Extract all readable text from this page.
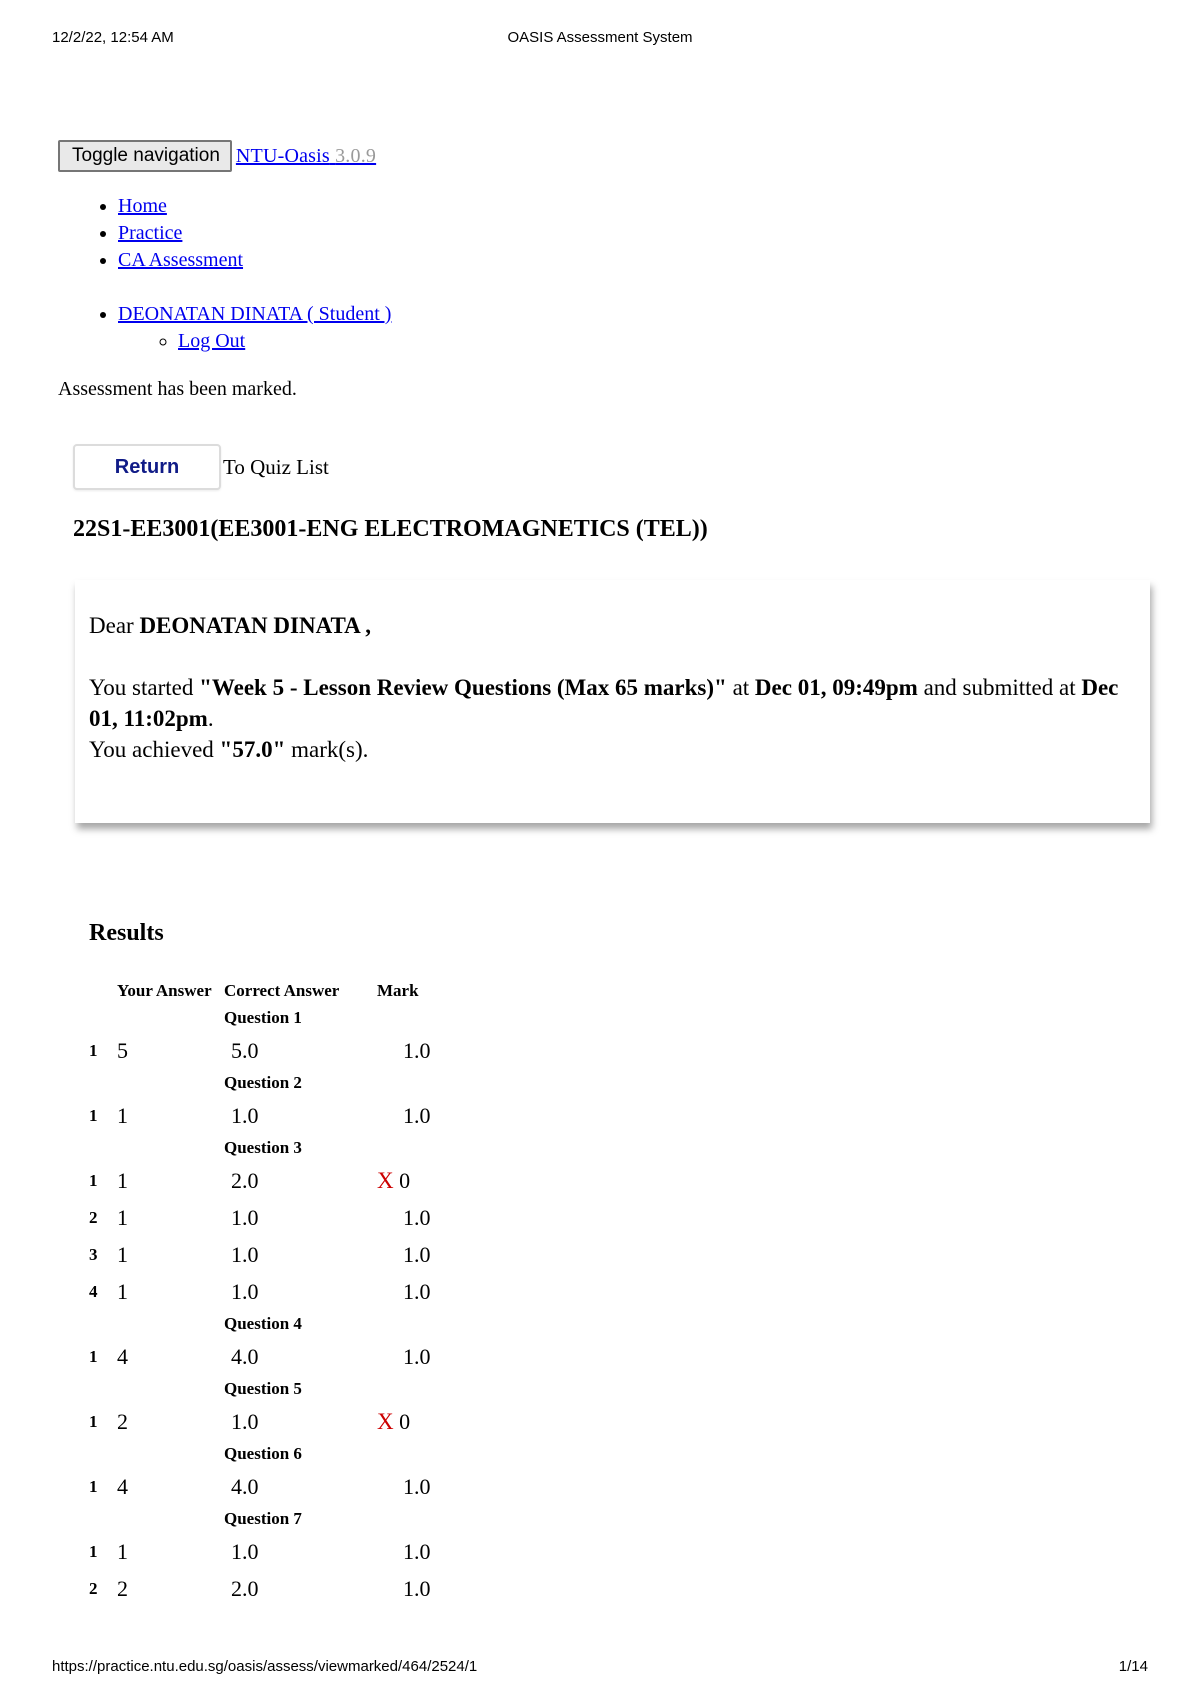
12/2/22, 12:54 AM	OASIS Assessment System
Toggle navigation NTU-Oasis 3.0.9
• Home
• Practice
• CA Assessment
• DEONATAN DINATA ( Student )
◦ Log Out
Assessment has been marked.
Return	To Quiz List
22S1-EE3001(EE3001-ENG ELECTROMAGNETICS (TEL))

Dear DEONATAN DINATA ,

You started "Week 5 - Lesson Review Questions (Max 65 marks)" at Dec 01, 09:49pm and submitted at Dec 01, 11:02pm.

You achieved "57.0" mark(s).

Results
	Your Answer	Correct Answer	Mark
		Question 1	
1	5	5.0	1.0
		Question 2	
1	1	1.0	1.0
		Question 3	
1	1	2.0	X 0
2	1	1.0	1.0
3	1	1.0	1.0
4	1	1.0	1.0
		Question 4	
1	4	4.0	1.0
		Question 5	
1	2	1.0	X 0
		Question 6	
1	4	4.0	1.0
		Question 7	
1	1	1.0	1.0
2	2	2.0	1.0
https://practice.ntu.edu.sg/oasis/assess/viewmarked/464/2524/1	1/14
